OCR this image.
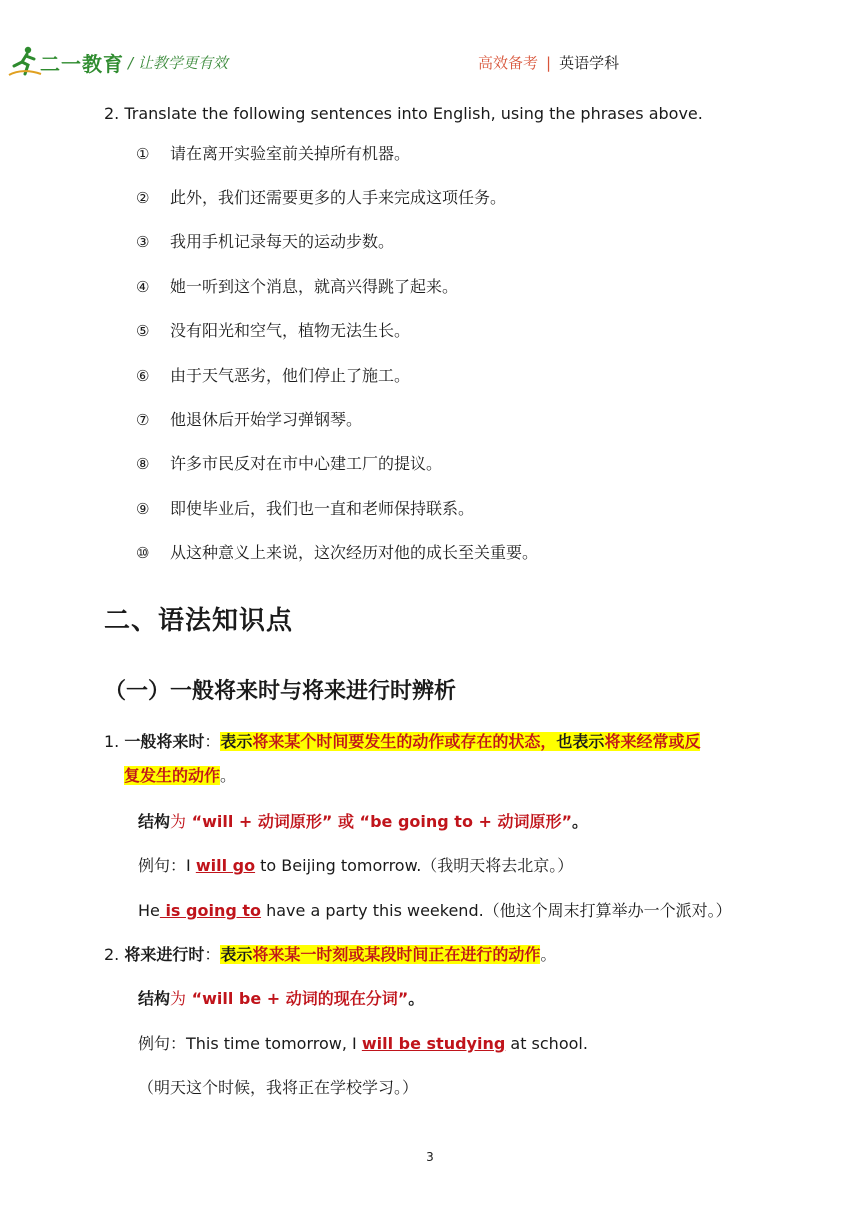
二一教育 / 让教学更有效	高效备考 | 英语学科
2. Translate the following sentences into English, using the phrases above.
① 请在离开实验室前关掉所有机器。
② 此外，我们还需要更多的人手来完成这项任务。
③ 我用手机记录每天的运动步数。
④ 她一听到这个消息，就高兴得跳了起来。
⑤ 没有阳光和空气，植物无法生长。
⑥ 由于天气恶劣，他们停止了施工。
⑦ 他退休后开始学习弹钢琴。
⑧ 许多市民反对在市中心建工厂的提议。
⑨ 即使毕业后，我们也一直和老师保持联系。
⑩ 从这种意义上来说，这次经历对他的成长至关重要。
二、语法知识点
（一）一般将来时与将来进行时辨析
1. 一般将来时：表示将来某个时间要发生的动作或存在的状态，也表示将来经常或反
复发生的动作。
结构为 “will + 动词原形” 或 “be going to + 动词原形”。
例句：I will go to Beijing tomorrow.（我明天将去北京。）
He is going to have a party this weekend.（他这个周末打算举办一个派对。）
2. 将来进行时：表示将来某一时刻或某段时间正在进行的动作。
结构为 “will be + 动词的现在分词”。
例句：This time tomorrow, I will be studying at school.
（明天这个时候，我将正在学校学习。）
3
